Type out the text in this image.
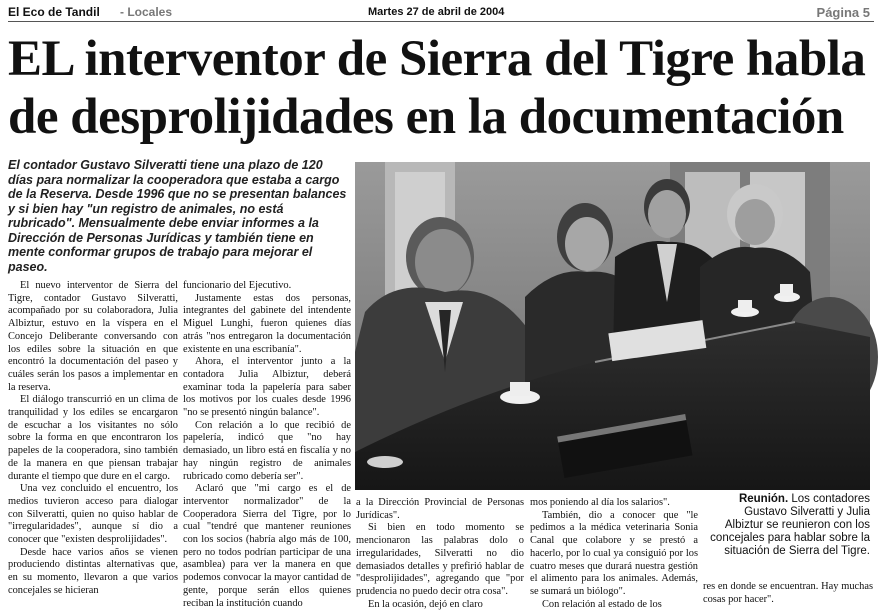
El Eco de Tandil - Locales	Martes 27 de abril de 2004	Página 5
EL interventor de Sierra del Tigre habla de desprolijidades en la documentación

El contador Gustavo Silveratti tiene una plazo de 120 días para normalizar la cooperadora que estaba a cargo de la Reserva. Desde 1996 que no se presentan balances y si bien hay "un registro de animales, no está rubricado". Mensualmente debe enviar informes a la Dirección de Personas Jurídicas y también tiene en mente conformar grupos de trabajo para mejorar el paseo.

El nuevo interventor de Sierra del Tigre, contador Gustavo Silveratti, acompañado por su colaboradora, Julia Albiztur, estuvo en la víspera en el Concejo Deliberante conversando con los ediles sobre la situación en que encontró la documentación del paseo y cuáles serán los pasos a implementar en la reserva.

El diálogo transcurrió en un clima de tranquilidad y los ediles se encargaron de escuchar a los visitantes no sólo sobre la forma en que encontraron los papeles de la cooperadora, sino también de la manera en que piensan trabajar durante el tiempo que dure en el cargo.

Una vez concluido el encuentro, los medios tuvieron acceso para dialogar con Silveratti, quien no quiso hablar de "irregularidades", aunque sí dio a conocer que "existen desprolijidades".

Desde hace varios años se vienen produciendo distintas alternativas que, en su momento, llevaron a que varios concejales se hicieran

funcionario del Ejecutivo.

Justamente estas dos personas, integrantes del gabinete del intendente Miguel Lunghi, fueron quienes días atrás "nos entregaron la documentación existente en una escribanía".

Ahora, el interventor junto a la contadora Julia Albiztur, deberá examinar toda la papelería para saber los motivos por los cuales desde 1996 "no se presentó ningún balance".

Con relación a lo que recibió de papelería, indicó que "no hay demasiado, un libro está en fiscalía y no hay ningún registro de animales rubricado como debería ser".

Aclaró que "mi cargo es el de interventor normalizador" de la Cooperadora Sierra del Tigre, por lo cual "tendré que mantener reuniones con los socios (habría algo más de 100, pero no todos podrían participar de una asamblea) para ver la manera en que podemos convocar la mayor cantidad de gente, porque serán ellos quienes reciban la institución cuando

a la Dirección Provincial de Personas Jurídicas".

Si bien en todo momento se mencionaron las palabras dolo o irregularidades, Silveratti no dio demasiados detalles y prefirió hablar de "desprolijidades", agregando que "por prudencia no puedo decir otra cosa".

En la ocasión, dejó en claro

mos poniendo al día los salarios".

También, dio a conocer que "le pedimos a la médica veterinaria Sonia Canal que colabore y se prestó a hacerlo, por lo cual ya consiguió por los cuatro meses que durará nuestra gestión el alimento para los animales. Además, se sumará un biólogo".

Con relación al estado de los

Reunión. Los contadores Gustavo Silveratti y Julia Albiztur se reunieron con los concejales para hablar sobre la situación de Sierra del Tigre.

res en donde se encuentran. Hay muchas cosas por hacer".
